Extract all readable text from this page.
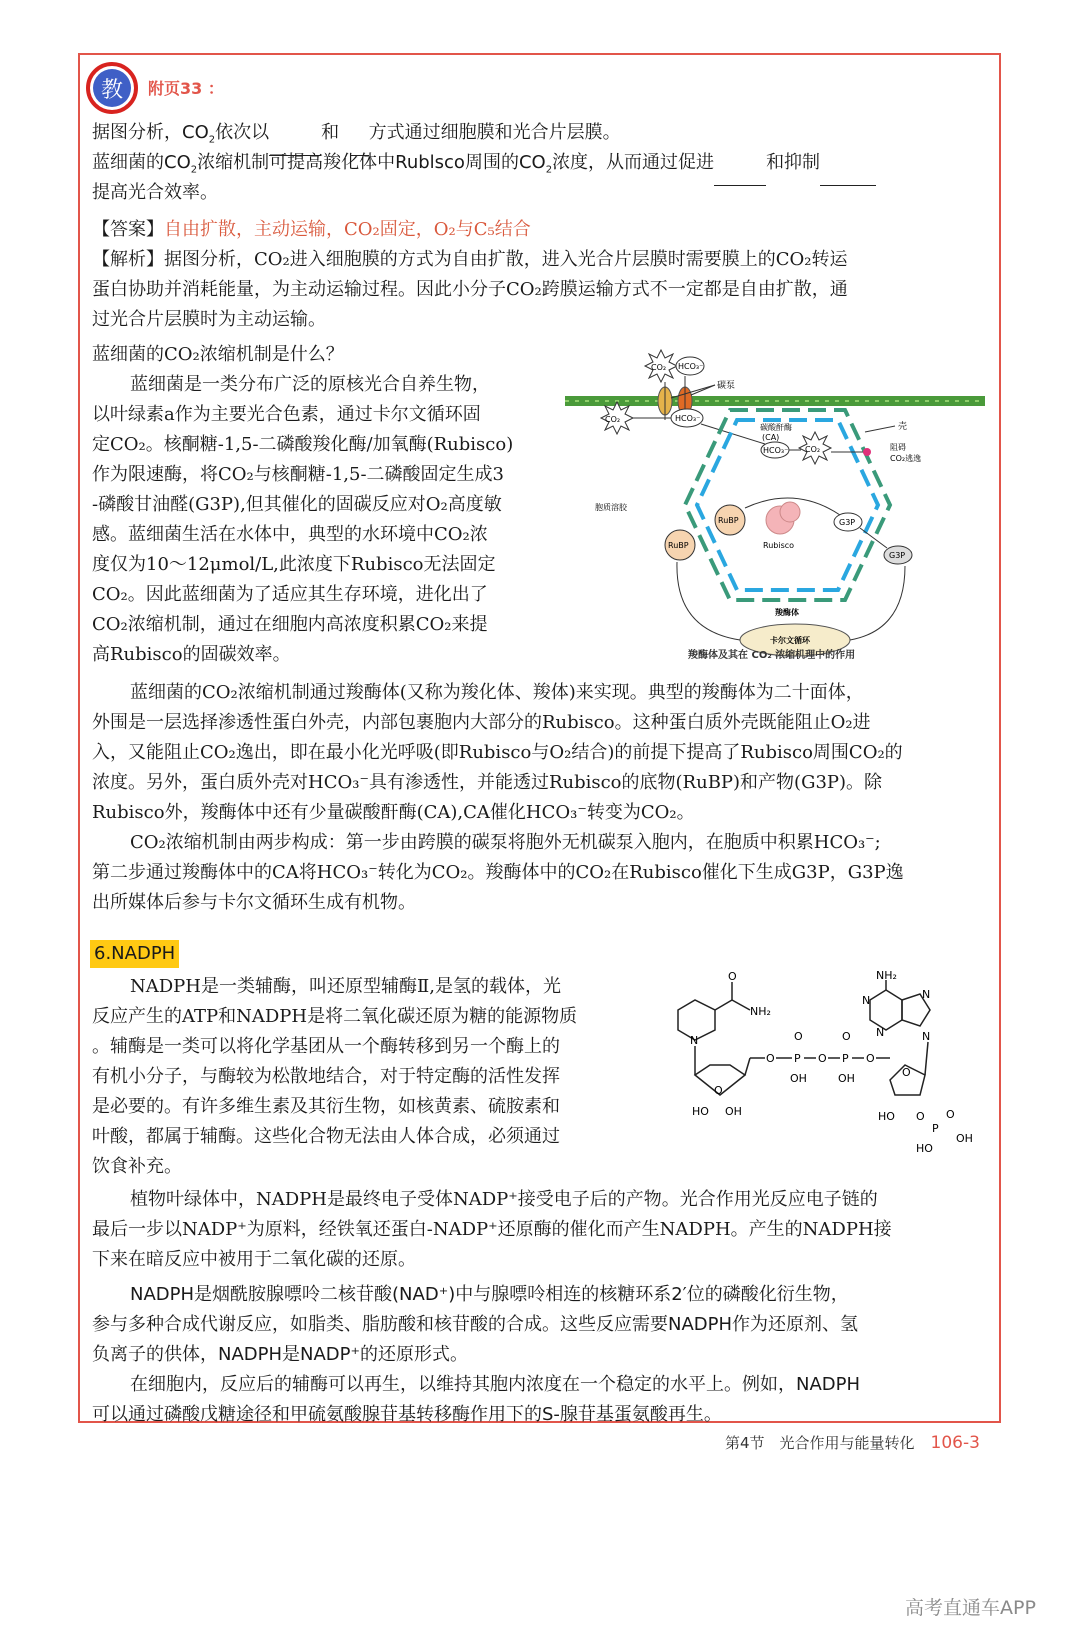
教	附页33 ：
据图分析，$CO_2$依次以	和 方式通过细胞膜和光合片层膜。
蓝细菌的$CO_2$浓缩机制可提高羧化体中Rublsco周围的$CO_2$浓度，从而通过促进	和抑制
提高光合效率。
【答案】自由扩散，主动运输，CO₂固定，O₂与C₅结合
【解析】据图分析，CO₂进入细胞膜的方式为自由扩散，进入光合片层膜时需要膜上的CO₂转运
蛋白协助并消耗能量，为主动运输过程。因此小分子CO₂跨膜运输方式不一定都是自由扩散，通
过光合片层膜时为主动运输。
蓝细菌的CO₂浓缩机制是什么？
蓝细菌是一类分布广泛的原核光合自养生物，
以叶绿素a作为主要光合色素，通过卡尔文循环固
定CO₂。核酮糖-1,5-二磷酸羧化酶/加氧酶(Rubisco)
作为限速酶，将CO₂与核酮糖-1,5-二磷酸固定生成3
-磷酸甘油醛(G3P),但其催化的固碳反应对O₂高度敏
感。蓝细菌生活在水体中，典型的水环境中CO₂浓
度仅为10～12μmol/L,此浓度下Rubisco无法固定
CO₂。因此蓝细菌为了适应其生存环境，进化出了
CO₂浓缩机制，通过在细胞内高浓度积累CO₂来提
高Rubisco的固碳效率。
碳泵
CO₂ HCO₃⁻
CO₂	HCO₃⁻
碳酸酐酶
(CA)
HCO₃⁻ CO₂
壳
阻碍
CO₂逃逸
胞质溶胶
RuBP
RuBP	Rubisco
G3P
G3P
羧酶体
卡尔文循环
羧酶体及其在 CO₂ 浓缩机理中的作用
蓝细菌的CO₂浓缩机制通过羧酶体(又称为羧化体、羧体)来实现。典型的羧酶体为二十面体，
外围是一层选择渗透性蛋白外壳，内部包裹胞内大部分的Rubisco。这种蛋白质外壳既能阻止O₂进
入，又能阻止CO₂逸出，即在最小化光呼吸(即Rubisco与O₂结合)的前提下提高了Rubisco周围CO₂的
浓度。另外，蛋白质外壳对HCO₃⁻具有渗透性，并能透过Rubisco的底物(RuBP)和产物(G3P)。除
Rubisco外，羧酶体中还有少量碳酸酐酶(CA),CA催化HCO₃⁻转变为CO₂。
CO₂浓缩机制由两步构成：第一步由跨膜的碳泵将胞外无机碳泵入胞内，在胞质中积累HCO₃⁻;
第二步通过羧酶体中的CA将HCO₃⁻转化为CO₂。羧酶体中的CO₂在Rubisco催化下生成G3P，G3P逸
出所媒体后参与卡尔文循环生成有机物。
6.NADPH
NADPH是一类辅酶，叫还原型辅酶Ⅱ,是氢的载体，光
反应产生的ATP和NADPH是将二氧化碳还原为糖的能源物质
。辅酶是一类可以将化学基团从一个酶转移到另一个酶上的
有机小分子，与酶较为松散地结合，对于特定酶的活性发挥
是必要的。有许多维生素及其衍生物，如核黄素、硫胺素和
叶酸，都属于辅酶。这些化合物无法由人体合成，必须通过
饮食补充。
N
O
NH₂
O
HO OH
O P
O
OH
O P
O
OH
O
O
HO O
P
O
OH
HO
N
N
N
N
NH₂
植物叶绿体中，NADPH是最终电子受体NADP⁺接受电子后的产物。光合作用光反应电子链的
最后一步以NADP⁺为原料，经铁氧还蛋白-NADP⁺还原酶的催化而产生NADPH。产生的NADPH接
下来在暗反应中被用于二氧化碳的还原。
NADPH是烟酰胺腺嘌呤二核苷酸(NAD⁺)中与腺嘌呤相连的核糖环系2′位的磷酸化衍生物，
参与多种合成代谢反应，如脂类、脂肪酸和核苷酸的合成。这些反应需要NADPH作为还原剂、氢
负离子的供体，NADPH是NADP⁺的还原形式。
在细胞内，反应后的辅酶可以再生，以维持其胞内浓度在一个稳定的水平上。例如，NADPH
可以通过磷酸戊糖途径和甲硫氨酸腺苷基转移酶作用下的S-腺苷基蛋氨酸再生。
第4节　光合作用与能量转化 106-3
高考直通车APP
